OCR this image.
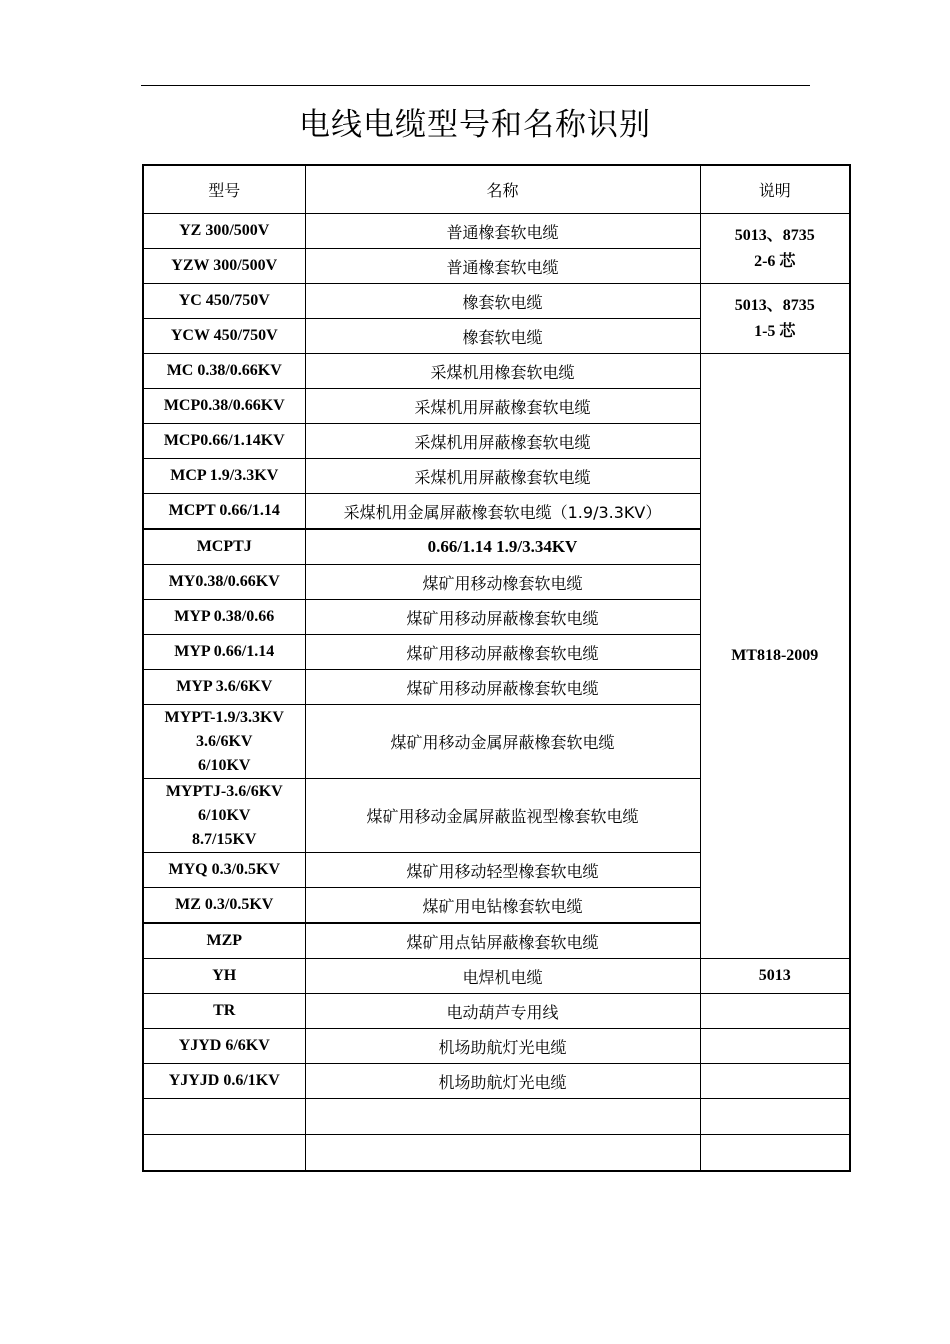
电线电缆型号和名称识别
型号	名称	说明
YZ 300/500V	普通橡套软电缆	5013、8735
2-6 芯
YZW 300/500V	普通橡套软电缆	
YC 450/750V	橡套软电缆	5013、8735
1-5 芯
YCW 450/750V	橡套软电缆	
MC 0.38/0.66KV	采煤机用橡套软电缆	MT818-2009
MCP0.38/0.66KV	采煤机用屏蔽橡套软电缆	
MCP0.66/1.14KV	采煤机用屏蔽橡套软电缆	
MCP 1.9/3.3KV	采煤机用屏蔽橡套软电缆	
MCPT 0.66/1.14	采煤机用金属屏蔽橡套软电缆（1.9/3.3KV）	
MCPTJ	0.66/1.14 1.9/3.34KV	
MY0.38/0.66KV	煤矿用移动橡套软电缆	
MYP 0.38/0.66	煤矿用移动屏蔽橡套软电缆	
MYP 0.66/1.14	煤矿用移动屏蔽橡套软电缆	
MYP 3.6/6KV	煤矿用移动屏蔽橡套软电缆	
MYPT-1.9/3.3KV
3.6/6KV
6/10KV	煤矿用移动金属屏蔽橡套软电缆	
MYPTJ-3.6/6KV
6/10KV
8.7/15KV	煤矿用移动金属屏蔽监视型橡套软电缆	
MYQ 0.3/0.5KV	煤矿用移动轻型橡套软电缆	
MZ 0.3/0.5KV	煤矿用电钻橡套软电缆	
MZP	煤矿用点钻屏蔽橡套软电缆	
YH	电焊机电缆	5013
TR	电动葫芦专用线	
YJYD 6/6KV	机场助航灯光电缆	
YJYJD 0.6/1KV	机场助航灯光电缆	
